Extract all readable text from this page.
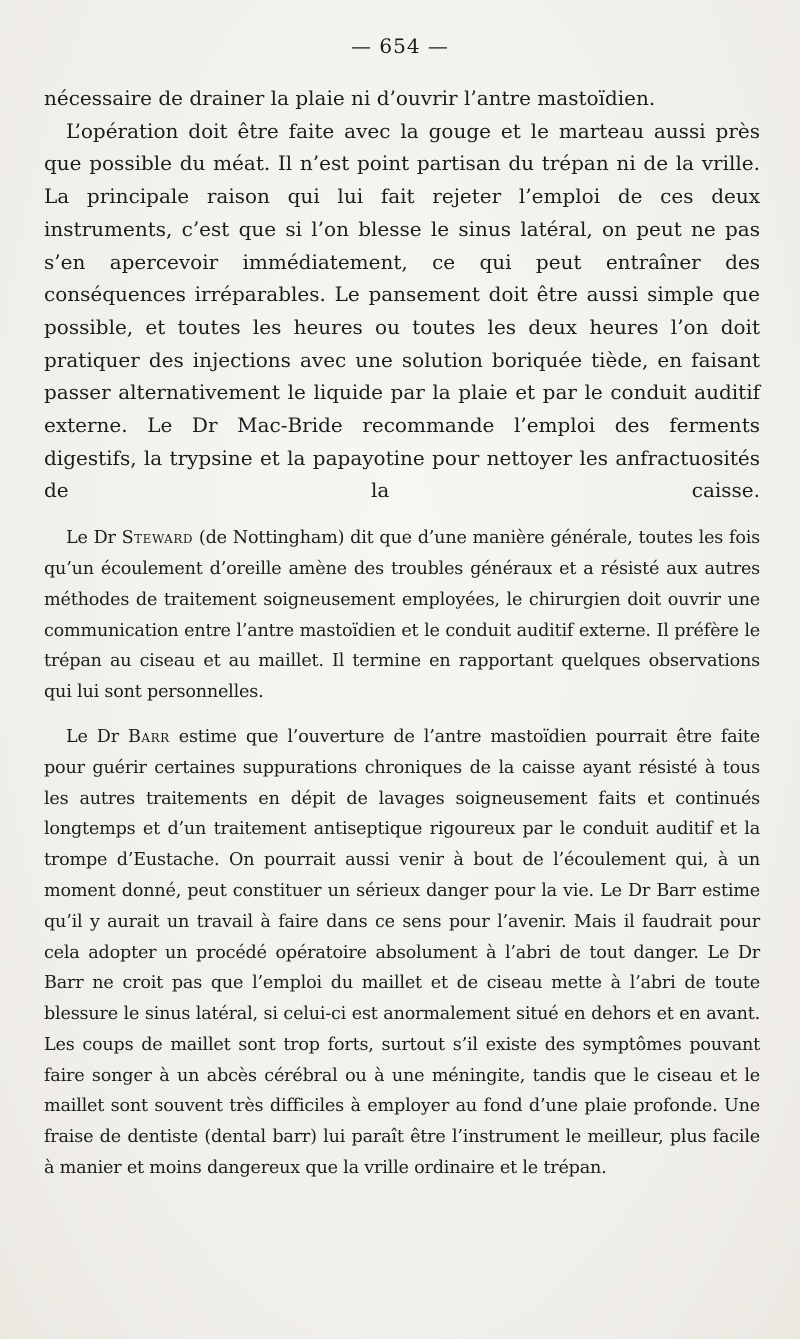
— 654 —

nécessaire de drainer la plaie ni d’ouvrir l’antre mastoïdien.

L’opération doit être faite avec la gouge et le marteau aussi près que possible du méat. Il n’est point partisan du trépan ni de la vrille. La principale raison qui lui fait rejeter l’emploi de ces deux instruments, c’est que si l’on blesse le sinus latéral, on peut ne pas s’en apercevoir immédiatement, ce qui peut entraîner des conséquences irréparables. Le pansement doit être aussi simple que possible, et toutes les heures ou toutes les deux heures l’on doit pratiquer des injections avec une solution boriquée tiède, en faisant passer alternativement le liquide par la plaie et par le conduit auditif externe. Le Dr Mac-Bride recommande l’emploi des ferments digestifs, la trypsine et la papayotine pour nettoyer les anfractuosités de la caisse.

Le Dr Steward (de Nottingham) dit que d’une manière générale, toutes les fois qu’un écoulement d’oreille amène des troubles généraux et a résisté aux autres méthodes de traitement soigneusement employées, le chirurgien doit ouvrir une communication entre l’antre mastoïdien et le conduit auditif externe. Il préfère le trépan au ciseau et au maillet. Il termine en rapportant quelques observations qui lui sont personnelles.

Le Dr Barr estime que l’ouverture de l’antre mastoïdien pourrait être faite pour guérir certaines suppurations chroniques de la caisse ayant résisté à tous les autres traitements en dépit de lavages soigneusement faits et continués longtemps et d’un traitement antiseptique rigoureux par le conduit auditif et la trompe d’Eustache. On pourrait aussi venir à bout de l’écoulement qui, à un moment donné, peut constituer un sérieux danger pour la vie. Le Dr Barr estime qu’il y aurait un travail à faire dans ce sens pour l’avenir. Mais il faudrait pour cela adopter un procédé opératoire absolument à l’abri de tout danger. Le Dr Barr ne croit pas que l’emploi du maillet et de ciseau mette à l’abri de toute blessure le sinus latéral, si celui-ci est anormalement situé en dehors et en avant. Les coups de maillet sont trop forts, surtout s’il existe des symptômes pouvant faire songer à un abcès cérébral ou à une méningite, tandis que le ciseau et le maillet sont souvent très difficiles à employer au fond d’une plaie profonde. Une fraise de dentiste (dental barr) lui paraît être l’instrument le meilleur, plus facile à manier et moins dangereux que la vrille ordinaire et le trépan.
